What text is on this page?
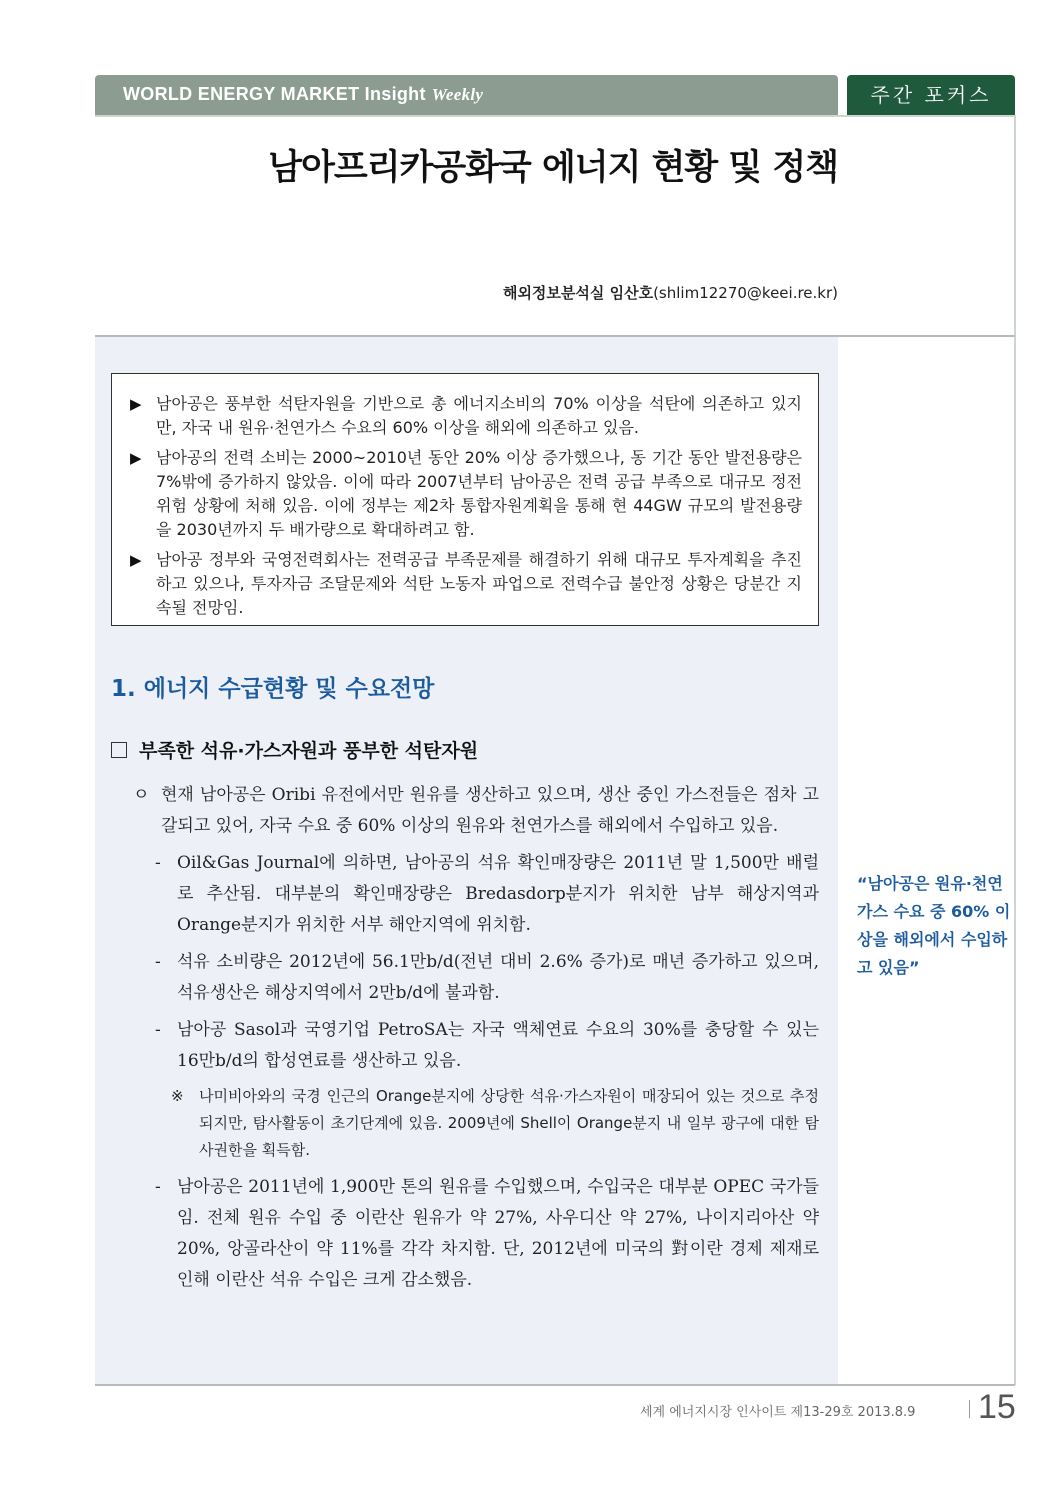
WORLD ENERGY MARKET Insight Weekly	주간 포커스
남아프리카공화국 에너지 현황 및 정책
해외정보분석실 임산호(shlim12270@keei.re.kr)
▶ 남아공은 풍부한 석탄자원을 기반으로 총 에너지소비의 70% 이상을 석탄에 의존하고 있지만, 자국 내 원유·천연가스 수요의 60% 이상을 해외에 의존하고 있음.
▶ 남아공의 전력 소비는 2000~2010년 동안 20% 이상 증가했으나, 동 기간 동안 발전용량은 7%밖에 증가하지 않았음. 이에 따라 2007년부터 남아공은 전력 공급 부족으로 대규모 정전위험 상황에 처해 있음. 이에 정부는 제2차 통합자원계획을 통해 현 44GW 규모의 발전용량을 2030년까지 두 배가량으로 확대하려고 함.
▶ 남아공 정부와 국영전력회사는 전력공급 부족문제를 해결하기 위해 대규모 투자계획을 추진하고 있으나, 투자자금 조달문제와 석탄 노동자 파업으로 전력수급 불안정 상황은 당분간 지속될 전망임.
1. 에너지 수급현황 및 수요전망
부족한 석유·가스자원과 풍부한 석탄자원
ㅇ 현재 남아공은 Oribi 유전에서만 원유를 생산하고 있으며, 생산 중인 가스전들은 점차 고갈되고 있어, 자국 수요 중 60% 이상의 원유와 천연가스를 해외에서 수입하고 있음.
- Oil&Gas Journal에 의하면, 남아공의 석유 확인매장량은 2011년 말 1,500만 배럴로 추산됨. 대부분의 확인매장량은 Bredasdorp분지가 위치한 남부 해상지역과 Orange분지가 위치한 서부 해안지역에 위치함.
- 석유 소비량은 2012년에 56.1만b/d(전년 대비 2.6% 증가)로 매년 증가하고 있으며, 석유생산은 해상지역에서 2만b/d에 불과함.
- 남아공 Sasol과 국영기업 PetroSA는 자국 액체연료 수요의 30%를 충당할 수 있는 16만b/d의 합성연료를 생산하고 있음.
※ 나미비아와의 국경 인근의 Orange분지에 상당한 석유·가스자원이 매장되어 있는 것으로 추정되지만, 탐사활동이 초기단계에 있음. 2009년에 Shell이 Orange분지 내 일부 광구에 대한 탐사권한을 획득함.
- 남아공은 2011년에 1,900만 톤의 원유를 수입했으며, 수입국은 대부분 OPEC 국가들임. 전체 원유 수입 중 이란산 원유가 약 27%, 사우디산 약 27%, 나이지리아산 약 20%, 앙골라산이 약 11%를 각각 차지함. 단, 2012년에 미국의 對이란 경제 제재로 인해 이란산 석유 수입은 크게 감소했음.
“남아공은 원유·천연가스 수요 중 60% 이상을 해외에서 수입하고 있음”
세계 에너지시장 인사이트 제13-29호 2013.8.9 15
